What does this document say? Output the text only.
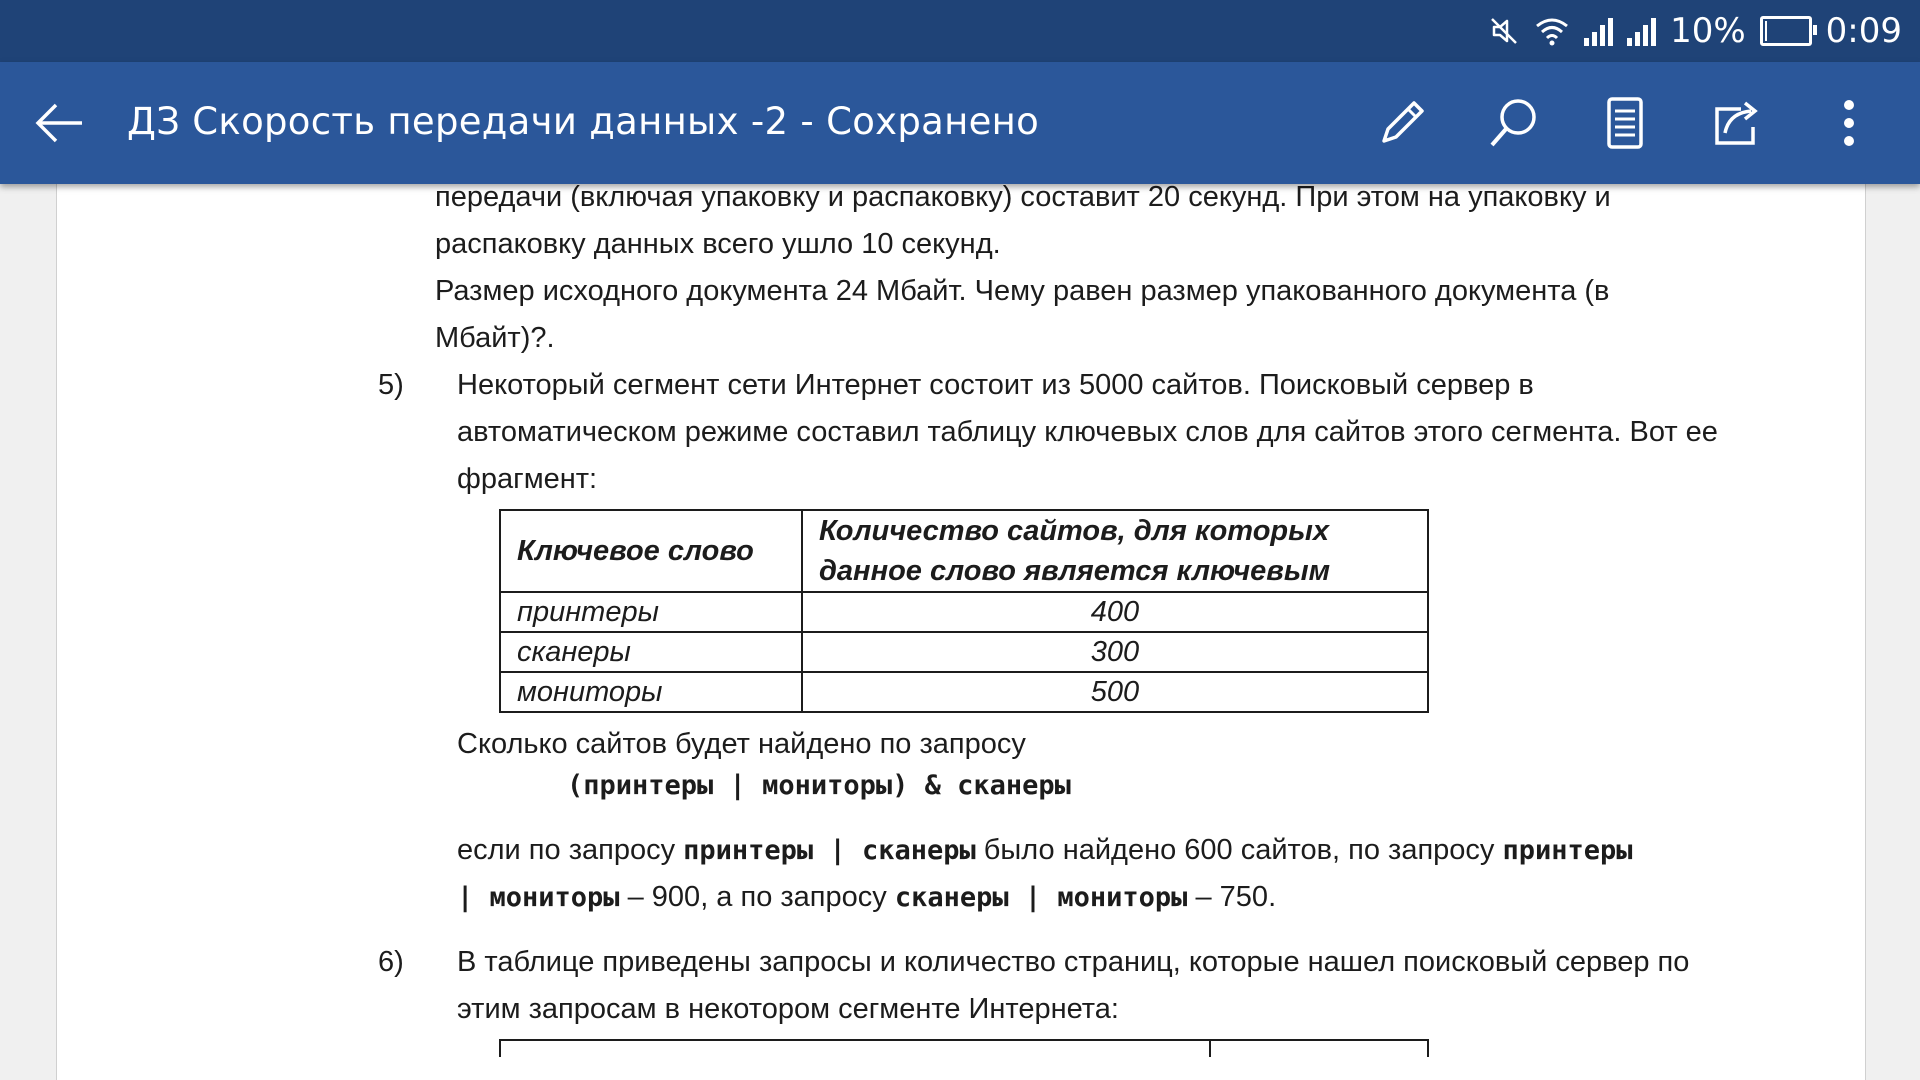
10% 0:09
ДЗ Скорость передачи данных -2 - Сохранено

передачи (включая упаковку и распаковку) составит 20 секунд. При этом на упаковку и

распаковку данных всего ушло 10 секунд.

Размер исходного документа 24 Мбайт. Чему равен размер упакованного документа (в

Мбайт)?.

5) Некоторый сегмент сети Интернет состоит из 5000 сайтов. Поисковый сервер в
автоматическом режиме составил таблицу ключевых слов для сайтов этого сегмента. Вот ее
фрагмент:
Ключевое слово	Количество сайтов, для которых
данное слово является ключевым
принтеры	400
сканеры	300
мониторы	500
Сколько сайтов будет найдено по запросу
(принтеры | мониторы) & сканеры
если по запросу принтеры | сканеры было найдено 600 сайтов, по запросу принтеры
| мониторы – 900, а по запросу сканеры | мониторы – 750.
6) В таблице приведены запросы и количество страниц, которые нашел поисковый сервер по
этим запросам в некотором сегменте Интернета:
